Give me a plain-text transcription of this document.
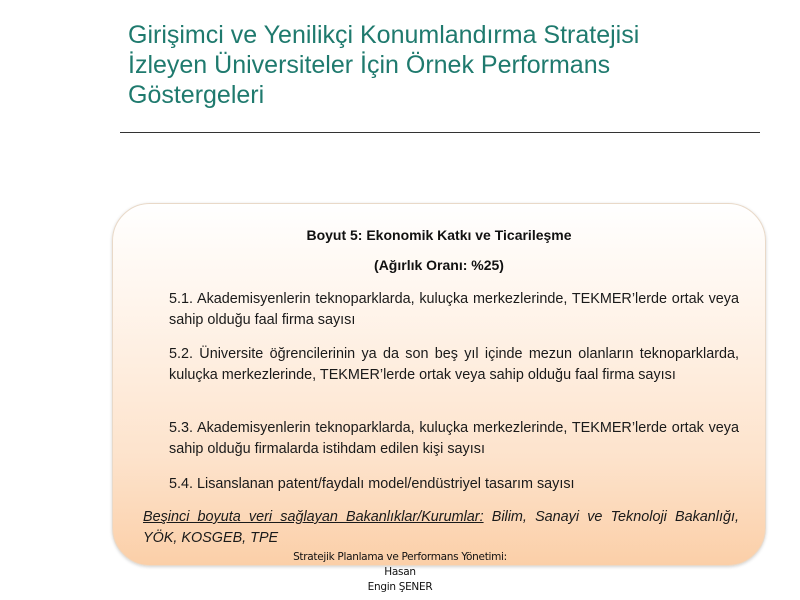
Girişimci ve Yenilikçi Konumlandırma Stratejisi
İzleyen Üniversiteler İçin Örnek Performans
Göstergeleri
Boyut 5: Ekonomik Katkı ve Ticarileşme
(Ağırlık Oranı: %25)

5.1. Akademisyenlerin teknoparklarda, kuluçka merkezlerinde, TEKMER’lerde ortak veya sahip olduğu faal firma sayısı

5.2. Üniversite öğrencilerinin ya da son beş yıl içinde mezun olanların teknoparklarda, kuluçka merkezlerinde, TEKMER’lerde ortak veya sahip olduğu faal firma sayısı

5.3. Akademisyenlerin teknoparklarda, kuluçka merkezlerinde, TEKMER’lerde ortak veya sahip olduğu firmalarda istihdam edilen kişi sayısı

5.4. Lisanslanan patent/faydalı model/endüstriyel tasarım sayısı

Beşinci boyuta veri sağlayan Bakanlıklar/Kurumlar: Bilim, Sanayi ve Teknoloji Bakanlığı, YÖK, KOSGEB, TPE

Stratejik Planlama ve Performans Yönetimi: Hasan
Engin ŞENER
